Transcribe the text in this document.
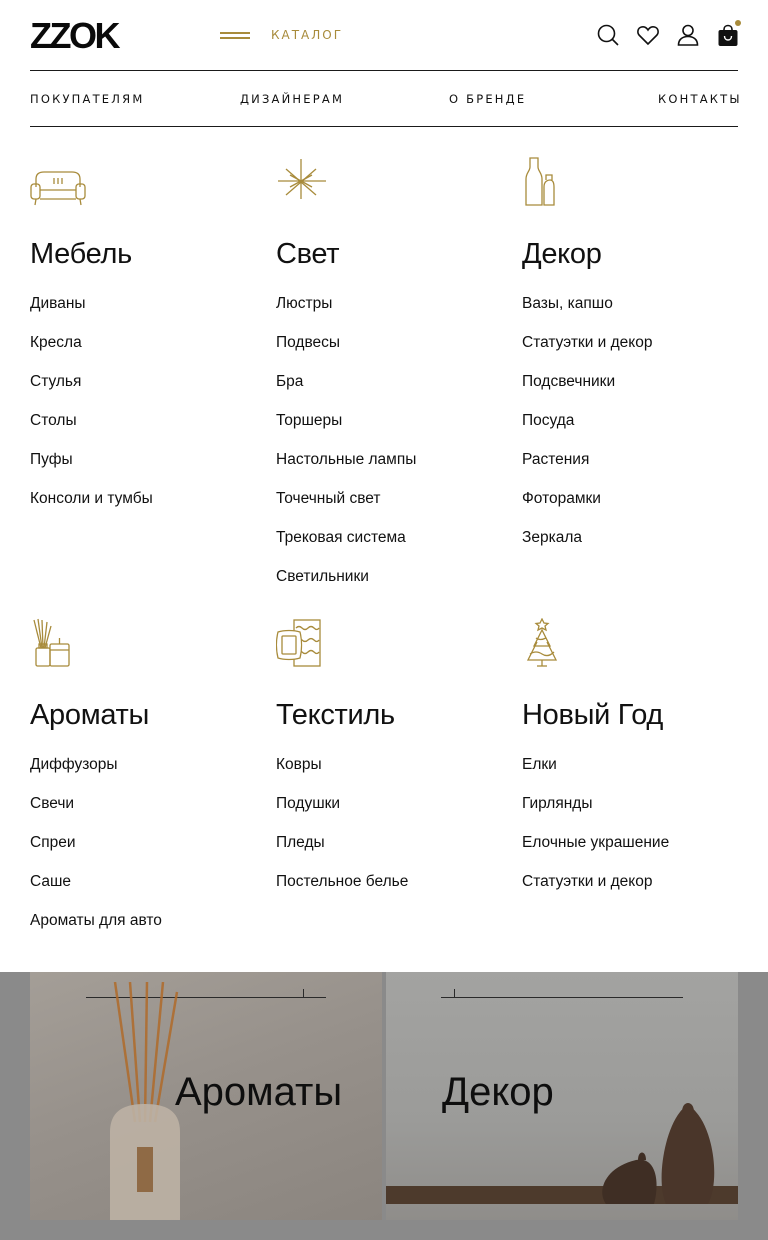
ZZOK	КАТАЛОГ
ПОКУПАТЕЛЯМ	ДИЗАЙНЕРАМ	О БРЕНДЕ	КОНТАКТЫ
Мебель
Диваны
Кресла
Стулья
Столы
Пуфы
Консоли и тумбы
Свет
Люстры
Подвесы
Бра
Торшеры
Настольные лампы
Точечный свет
Трековая система
Светильники
Декор
Вазы, капшо
Статуэтки и декор
Подсвечники
Посуда
Растения
Фоторамки
Зеркала
Ароматы
Диффузоры
Свечи
Спреи
Саше
Ароматы для авто
Текстиль
Ковры
Подушки
Пледы
Постельное белье
Новый Год
Елки
Гирлянды
Елочные украшение
Статуэтки и декор
Ароматы Декор
